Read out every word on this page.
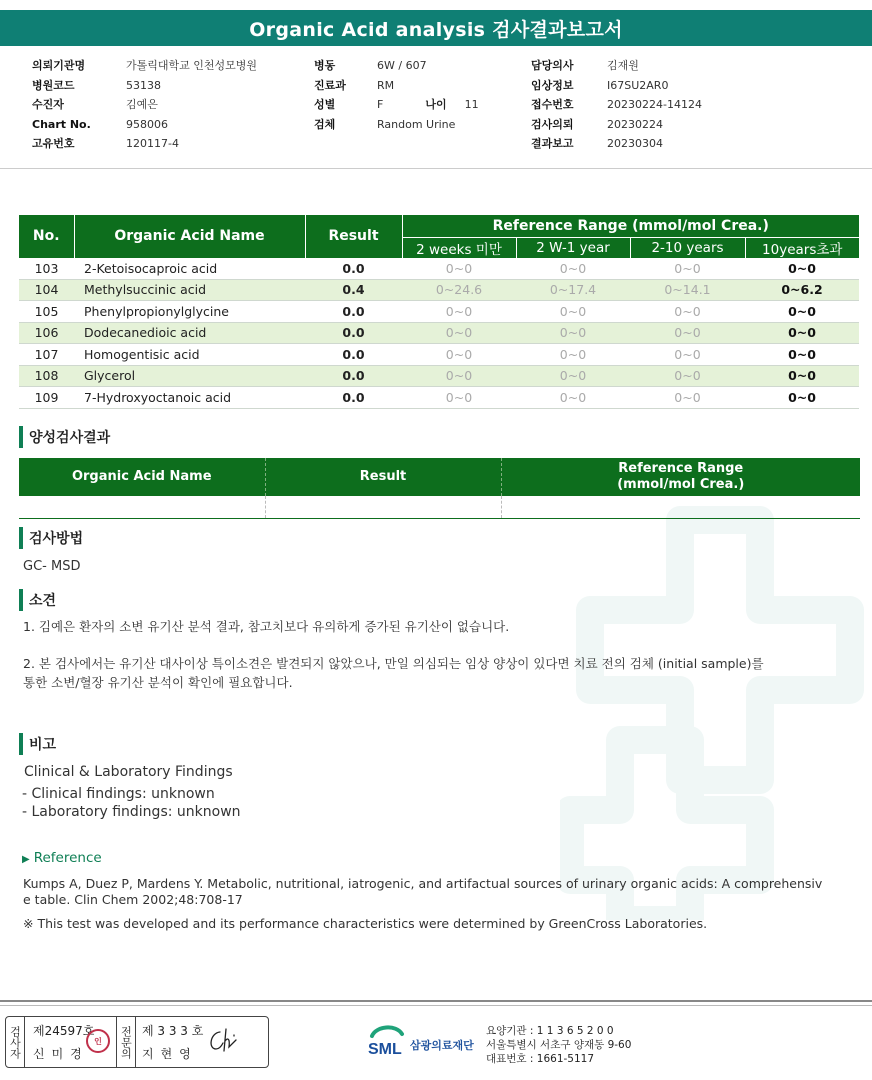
Organic Acid analysis 검사결과보고서
의뢰기관명	가톨릭대학교 인천성모병원
병원코드	53138
수진자	김예은
Chart No.	958006
고유번호	120117-4
병동	6W / 607
진료과	RM
성별	F	나이 11
검체	Random Urine
담당의사	김재원
임상정보	I67SU2AR0
접수번호	20230224-14124
검사의뢰	20230224
결과보고	20230304
No.	Organic Acid Name	Result	Reference Range (mmol/mol Crea.)			
			2 weeks 미만	2 W-1 year	2-10 years	10years초과
103	2-Ketoisocaproic acid	0.0	0~0	0~0	0~0	0~0
104	Methylsuccinic acid	0.4	0~24.6	0~17.4	0~14.1	0~6.2
105	Phenylpropionylglycine	0.0	0~0	0~0	0~0	0~0
106	Dodecanedioic acid	0.0	0~0	0~0	0~0	0~0
107	Homogentisic acid	0.0	0~0	0~0	0~0	0~0
108	Glycerol	0.0	0~0	0~0	0~0	0~0
109	7-Hydroxyoctanoic acid	0.0	0~0	0~0	0~0	0~0
양성검사결과
Organic Acid Name	Result	Reference Range
(mmol/mol Crea.)

검사방법
GC- MSD
소견
1. 김예은 환자의 소변 유기산 분석 결과, 참고치보다 유의하게 증가된 유기산이 없습니다.
2. 본 검사에서는 유기산 대사이상 특이소견은 발견되지 않았으나, 만일 의심되는 임상 양상이 있다면 치료 전의 검체 (initial sample)를
통한 소변/혈장 유기산 분석이 확인에 필요합니다.
비고
Clinical & Laboratory Findings
- Clinical findings: unknown
- Laboratory findings: unknown
▶ Reference
Kumps A, Duez P, Mardens Y. Metabolic, nutritional, iatrogenic, and artifactual sources of urinary organic acids: A comprehensiv
e table. Clin Chem 2002;48:708-17
※ This test was developed and its performance characteristics were determined by GreenCross Laboratories.
검사자 제24597호
신미경
인	전문의 제 3 3 3 호
지현영	SML 삼광의료재단
요양기관 : 1 1 3 6 5 2 0 0
서울특별시 서초구 양재동 9-60
대표번호 : 1661-5117
